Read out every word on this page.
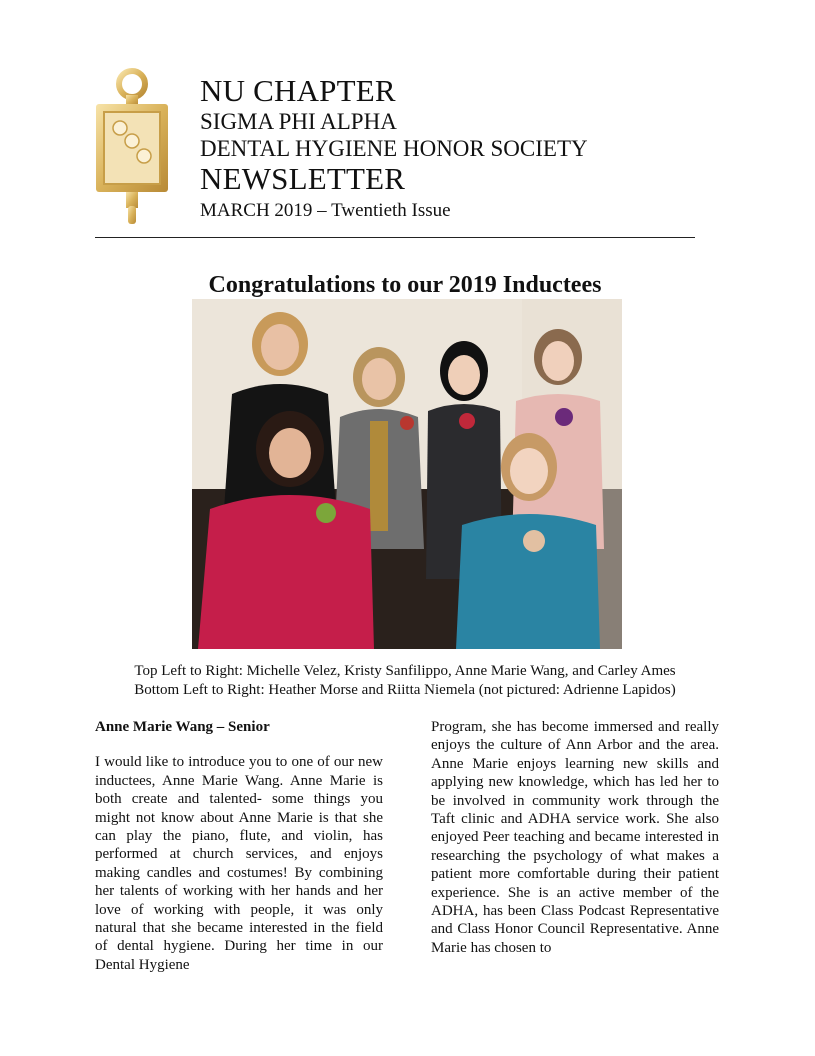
NU CHAPTER
SIGMA PHI ALPHA
DENTAL HYGIENE HONOR SOCIETY
NEWSLETTER
MARCH 2019 – Twentieth Issue
Congratulations to our 2019 Inductees
Top Left to Right: Michelle Velez, Kristy Sanfilippo, Anne Marie Wang, and Carley Ames
Bottom Left to Right: Heather Morse and Riitta Niemela (not pictured: Adrienne Lapidos)
Anne Marie Wang – Senior

I would like to introduce you to one of our new inductees, Anne Marie Wang. Anne Marie is both create and talented- some things you might not know about Anne Marie is that she can play the piano, flute, and violin, has performed at church services, and enjoys making candles and costumes! By combining her talents of working with her hands and her love of working with people, it was only natural that she became interested in the field of dental hygiene. During her time in our Dental Hygiene

Program, she has become immersed and really enjoys the culture of Ann Arbor and the area. Anne Marie enjoys learning new skills and applying new knowledge, which has led her to be involved in community work through the Taft clinic and ADHA service work. She also enjoyed Peer teaching and became interested in researching the psychology of what makes a patient more comfortable during their patient experience. She is an active member of the ADHA, has been Class Podcast Representative and Class Honor Council Representative. Anne Marie has chosen to
